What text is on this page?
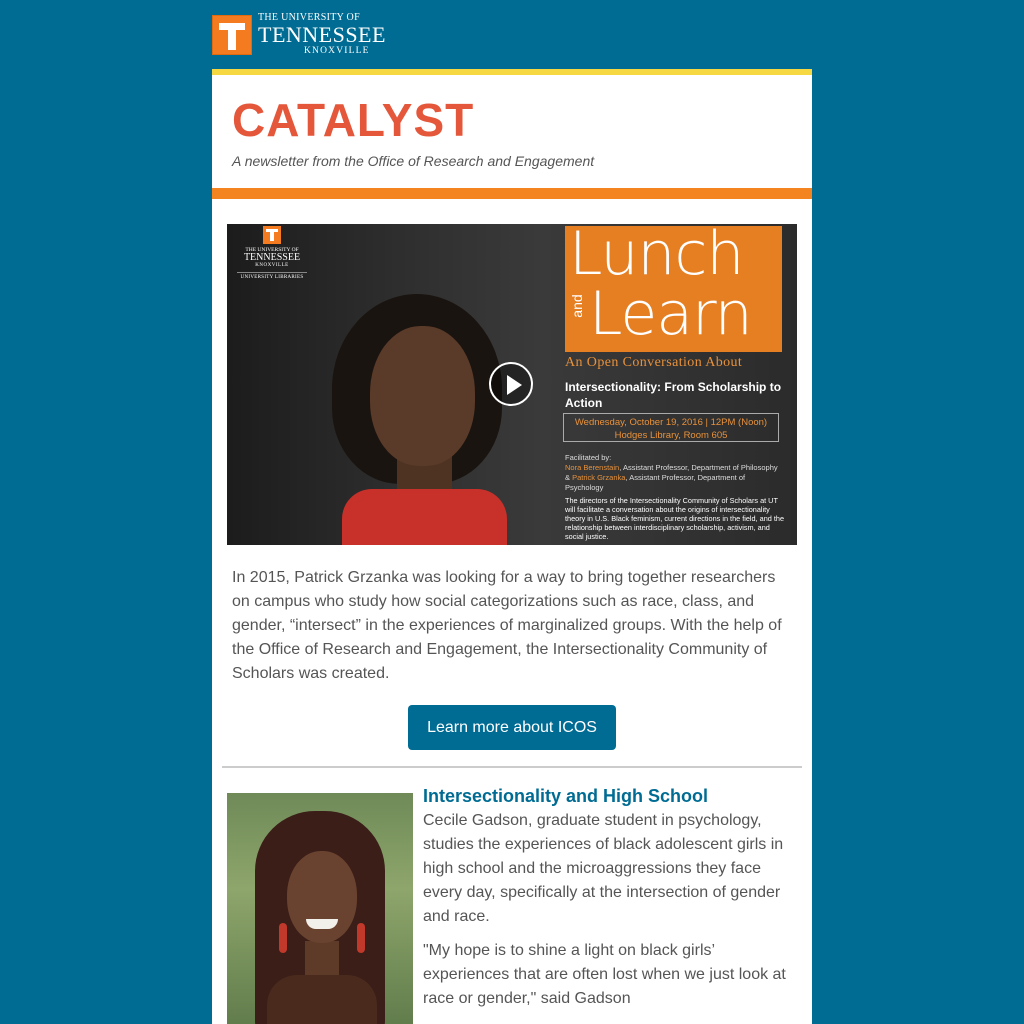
THE UNIVERSITY OF
TENNESSEE
KNOXVILLE
CATALYST
A newsletter from the Office of Research and Engagement
THE UNIVERSITY OF
TENNESSEE
KNOXVILLE
UNIVERSITY LIBRARIES	Lunch
and Learn
An Open Conversation About
Intersectionality: From Scholarship to Action
Wednesday, October 19, 2016 | 12PM (Noon)
Hodges Library, Room 605
Facilitated by:
Nora Berenstain, Assistant Professor, Department of Philosophy & Patrick Grzanka, Assistant Professor, Department of Psychology
The directors of the Intersectionality Community of Scholars at UT will facilitate a conversation about the origins of intersectionality theory in U.S. Black feminism, current directions in the field, and the relationship between interdisciplinary scholarship, activism, and social justice.
In 2015, Patrick Grzanka was looking for a way to bring together researchers on campus who study how social categorizations such as race, class, and gender, “intersect” in the experiences of marginalized groups. With the help of the Office of Research and Engagement, the Intersectionality Community of Scholars was created.
Learn more about ICOS
Intersectionality and High School

Cecile Gadson, graduate student in psychology, studies the experiences of black adolescent girls in high school and the microaggressions they face every day, specifically at the intersection of gender and race.

"My hope is to shine a light on black girls’ experiences that are often lost when we just look at race or gender," said Gadson
